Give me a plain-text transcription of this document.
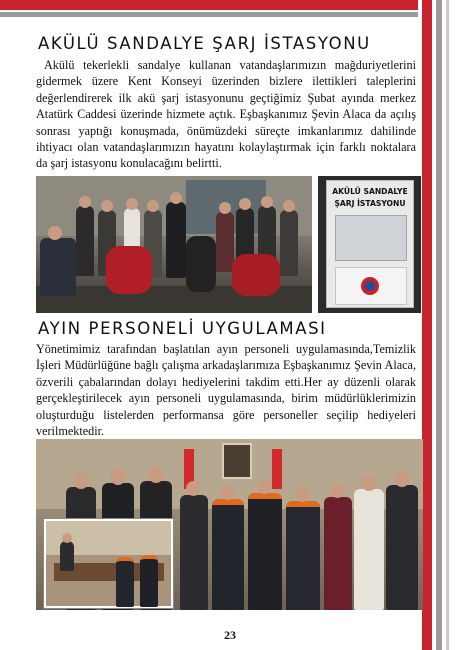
AKÜLÜ SANDALYE ŞARJ İSTASYONU

Akülü tekerlekli sandalye kullanan vatandaşlarımızın mağduriyetlerini gidermek üzere Kent Konseyi üzerinden bizlere ilettikleri taleplerini değerlendirerek ilk akü şarj istasyonunu geçtiğimiz Şubat ayında merkez Atatürk Caddesi üzerinde hizmete açtık. Eşbaşkanımız Şevin Alaca da açılış sonrası yaptığı konuşmada, önümüzdeki süreçte imkanlarımız dahilinde ihtiyacı olan vatandaşlarımızın hayatını kolaylaştırmak için farklı noktalara da şarj istasyonu konulacağını belirtti.

AKÜLÜ SANDALYE
ŞARJ İSTASYONU
AYIN PERSONELİ UYGULAMASI

Yönetimimiz tarafından başlatılan ayın personeli uygulamasında,Temizlik İşleri Müdürlüğüne bağlı çalışma arkadaşlarımıza Eşbaşkanımız Şevin Alaca, özverili çabalarından dolayı hediyelerini takdim etti.Her ay düzenli olarak gerçekleştirilecek ayın personeli uygulamasında, birim müdürlüklerimizin oluşturduğu listelerden performansa göre personeller seçilip hediyeleri verilmektedir.

23
